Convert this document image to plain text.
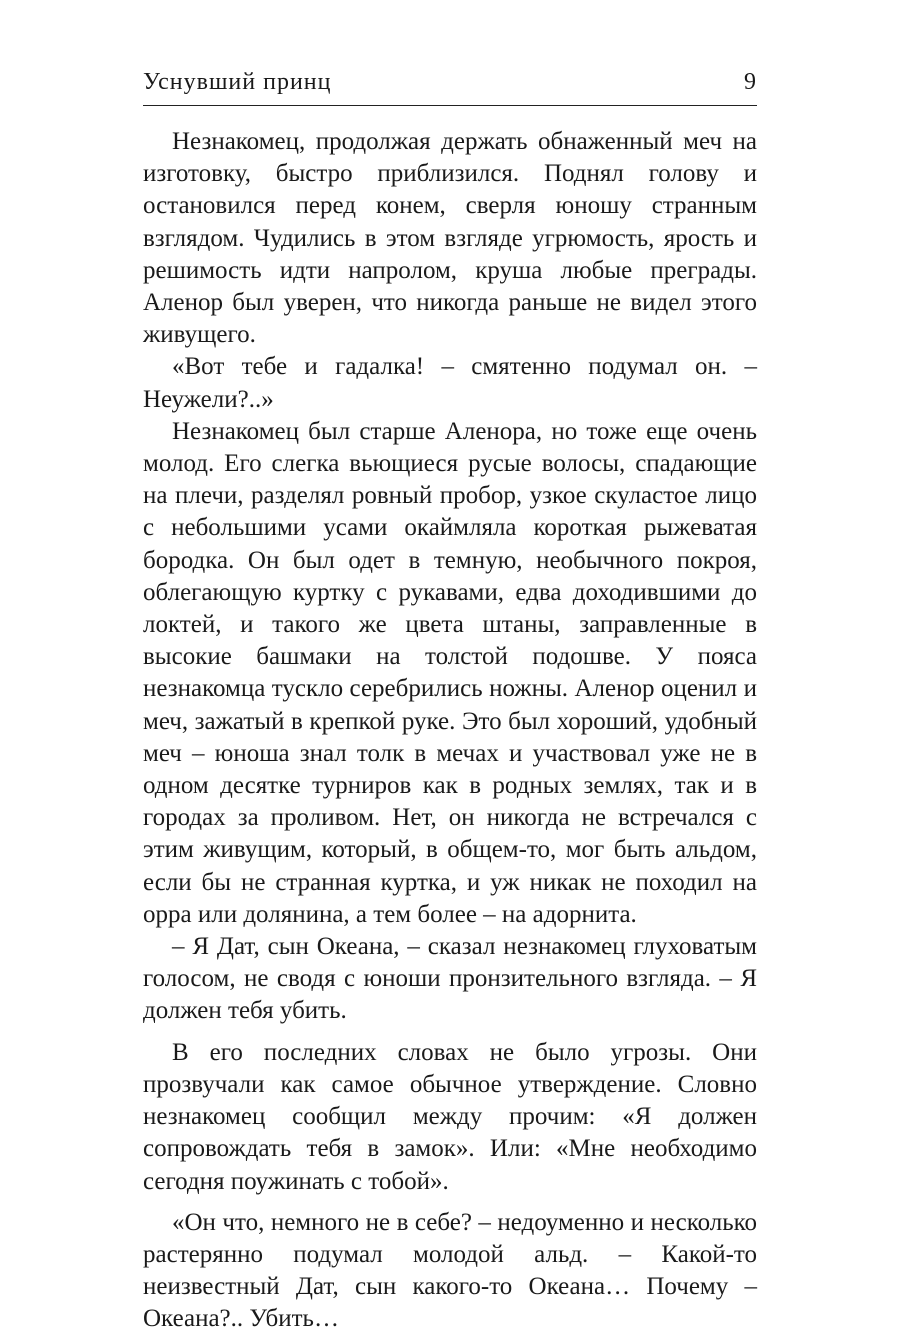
Уснувший принц	9

Незнакомец, продолжая держать обнаженный меч на изготовку, быстро приблизился. Поднял голову и остановился перед конем, сверля юношу странным взглядом. Чудились в этом взгляде угрюмость, ярость и решимость идти напролом, круша любые преграды. Аленор был уверен, что никогда раньше не видел этого живущего.

«Вот тебе и гадалка! – смятенно подумал он. – Неужели?..»

Незнакомец был старше Аленора, но тоже еще очень молод. Его слегка вьющиеся русые волосы, спадающие на плечи, разделял ровный пробор, узкое скуластое лицо с небольшими усами окаймляла короткая рыжеватая бородка. Он был одет в темную, необычного покроя, облегающую куртку с рукавами, едва доходившими до локтей, и такого же цвета штаны, заправленные в высокие башмаки на толстой подошве. У пояса незнакомца тускло серебрились ножны. Аленор оценил и меч, зажатый в крепкой руке. Это был хороший, удобный меч – юноша знал толк в мечах и участвовал уже не в одном десятке турниров как в родных землях, так и в городах за проливом. Нет, он никогда не встречался с этим живущим, который, в общем-то, мог быть альдом, если бы не странная куртка, и уж никак не походил на орра или долянина, а тем более – на адорнита.

– Я Дат, сын Океана, – сказал незнакомец глуховатым голосом, не сводя с юноши пронзительного взгляда. – Я должен тебя убить.

В его последних словах не было угрозы. Они прозвучали как самое обычное утверждение. Словно незнакомец сообщил между прочим: «Я должен сопровождать тебя в замок». Или: «Мне необходимо сегодня поужинать с тобой».

«Он что, немного не в себе? – недоуменно и несколько растерянно подумал молодой альд. – Какой-то неизвестный Дат, сын какого-то Океана… Почему – Океана?.. Убить…
